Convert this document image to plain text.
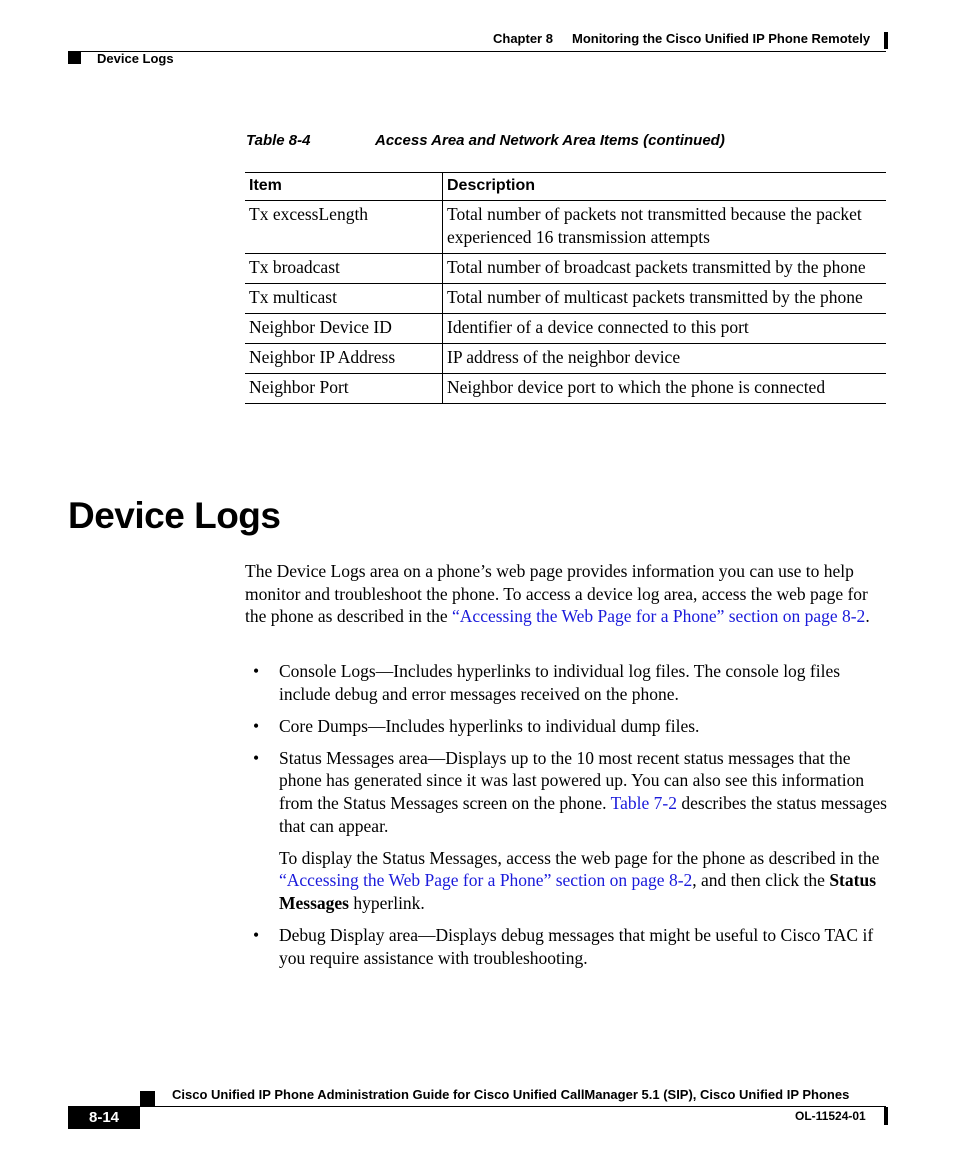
Chapter 8 Monitoring the Cisco Unified IP Phone Remotely
Device Logs
Table 8-4	Access Area and Network Area Items (continued)
Item	Description
Tx excessLength	Total number of packets not transmitted because the packet experienced 16 transmission attempts
Tx broadcast	Total number of broadcast packets transmitted by the phone
Tx multicast	Total number of multicast packets transmitted by the phone
Neighbor Device ID	Identifier of a device connected to this port
Neighbor IP Address	IP address of the neighbor device
Neighbor Port	Neighbor device port to which the phone is connected
Device Logs
The Device Logs area on a phone’s web page provides information you can use to help monitor and troubleshoot the phone. To access a device log area, access the web page for the phone as described in the “Accessing the Web Page for a Phone” section on page 8-2.
• Console Logs—Includes hyperlinks to individual log files. The console log files include debug and error messages received on the phone.
• Core Dumps—Includes hyperlinks to individual dump files.
• Status Messages area—Displays up to the 10 most recent status messages that the phone has generated since it was last powered up. You can also see this information from the Status Messages screen on the phone. Table 7-2 describes the status messages that can appear.
To display the Status Messages, access the web page for the phone as described in the “Accessing the Web Page for a Phone” section on page 8-2, and then click the Status Messages hyperlink.
• Debug Display area—Displays debug messages that might be useful to Cisco TAC if you require assistance with troubleshooting.
Cisco Unified IP Phone Administration Guide for Cisco Unified CallManager 5.1 (SIP), Cisco Unified IP Phones
8-14	OL-11524-01
